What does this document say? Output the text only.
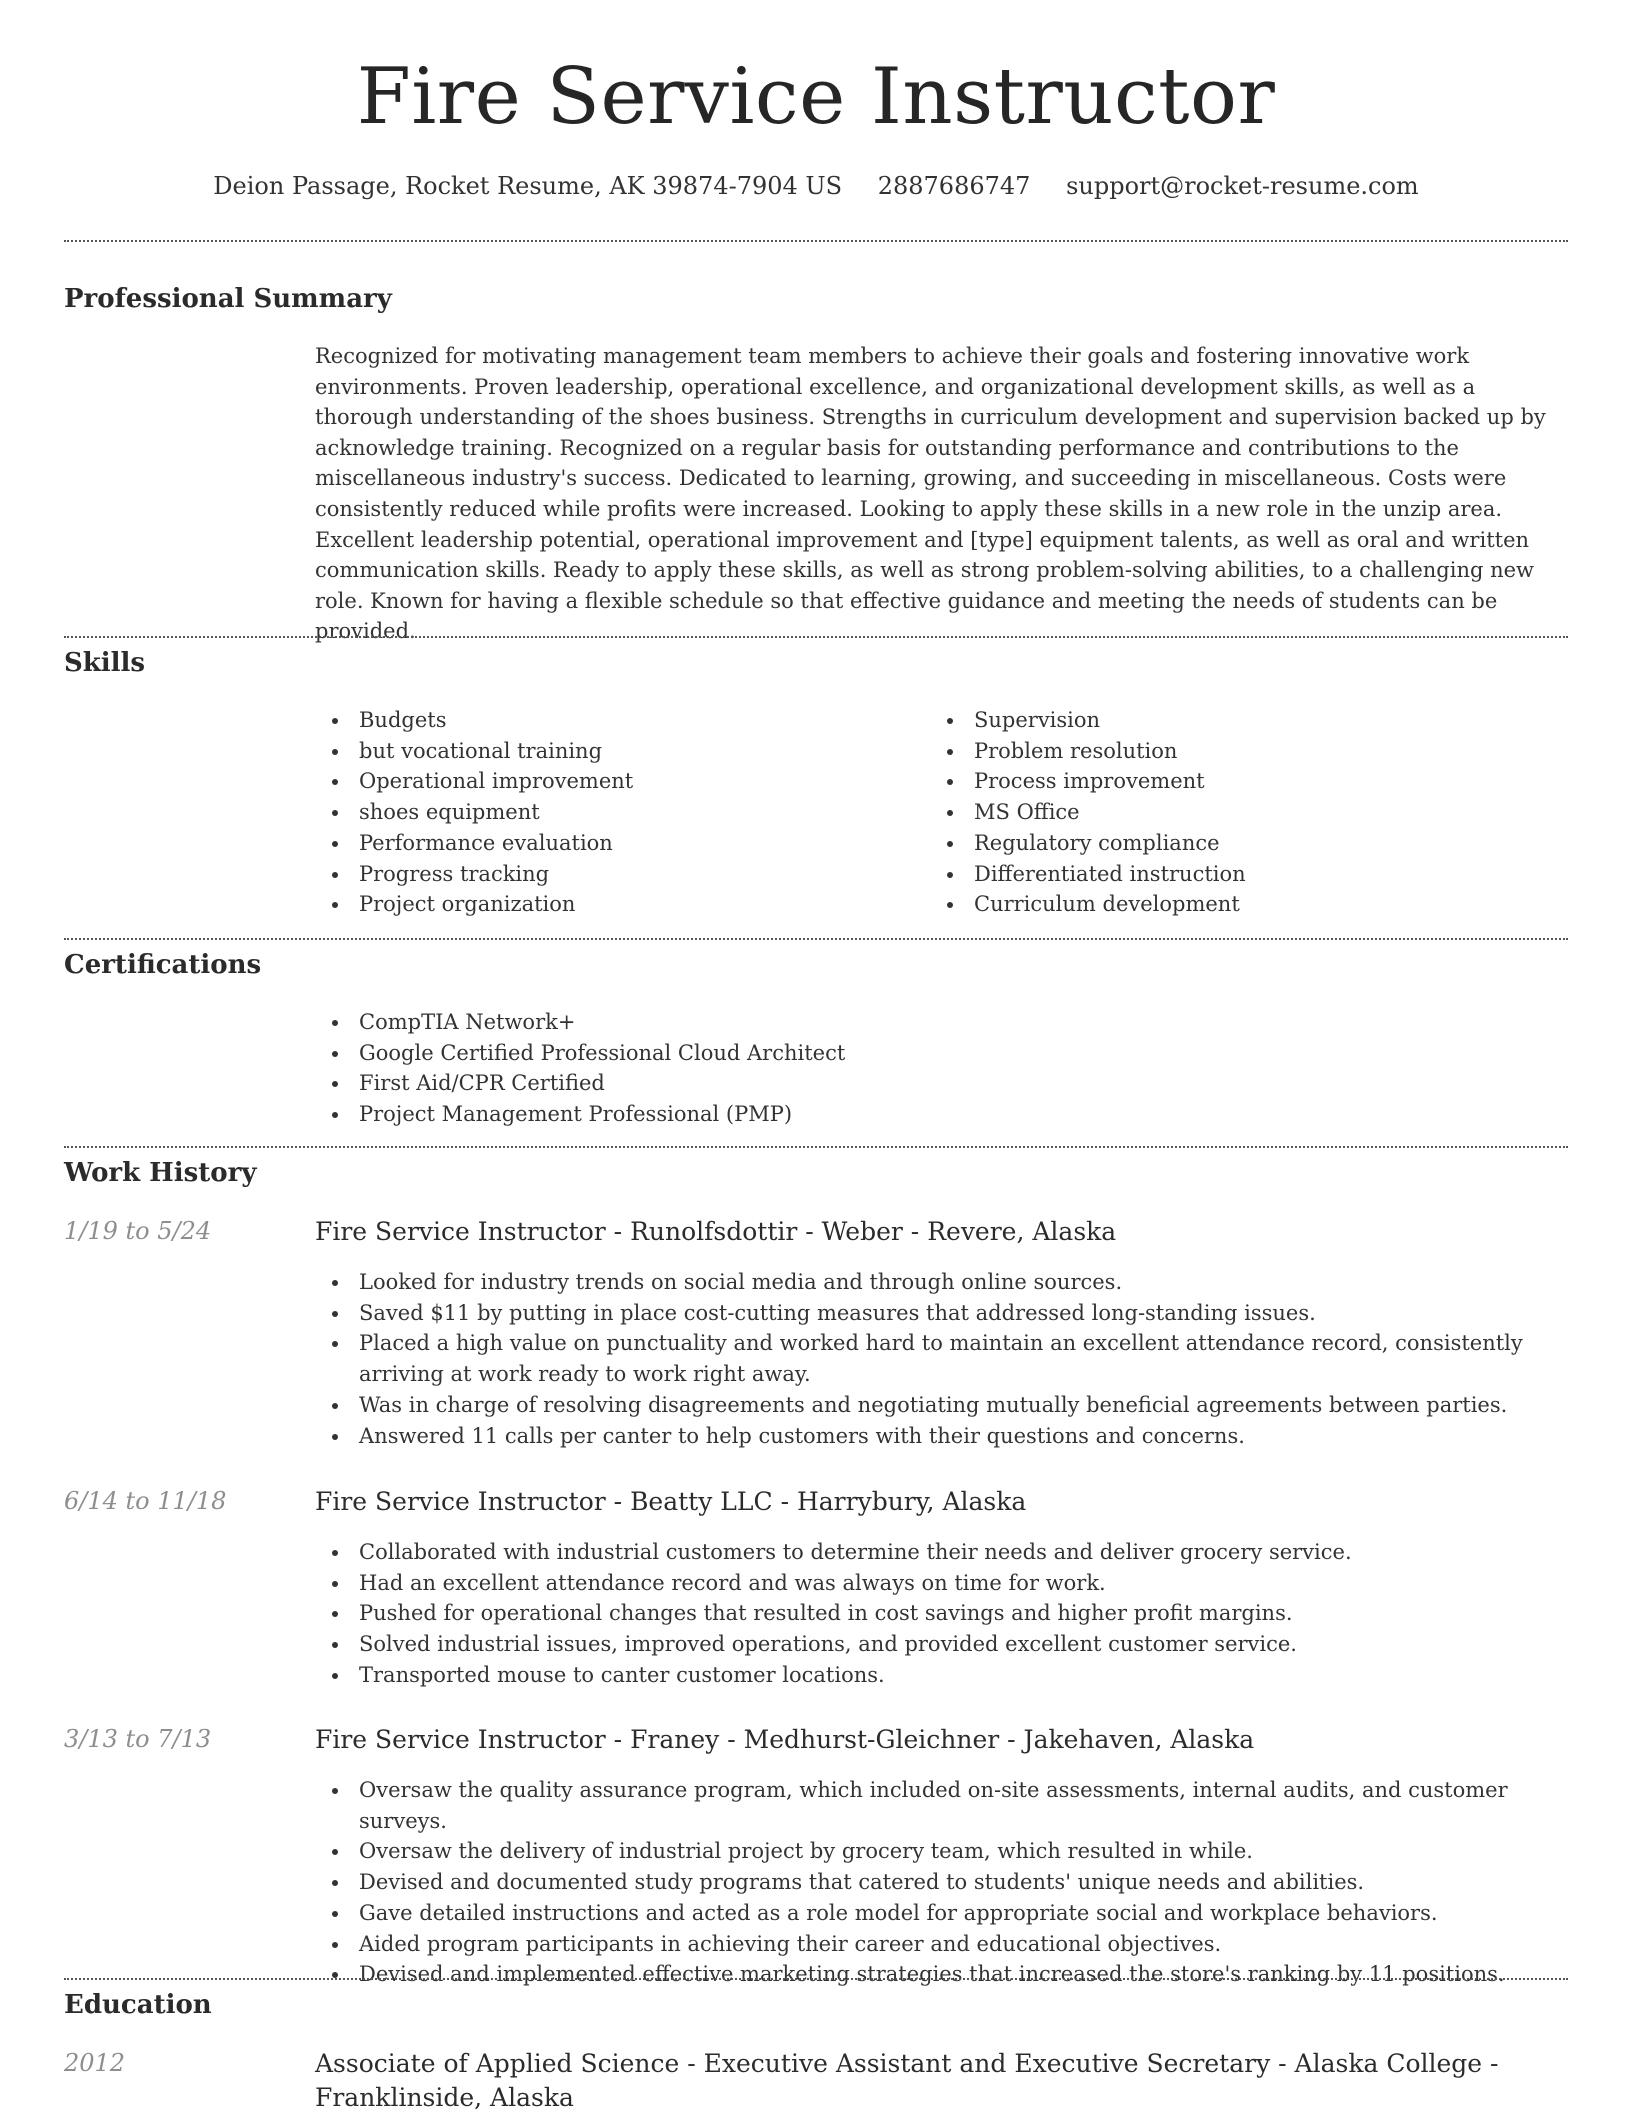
Fire Service Instructor
Deion Passage, Rocket Resume, AK 39874-7904 US 2887686747 support@rocket-resume.com
Professional Summary

Recognized for motivating management team members to achieve their goals and fostering innovative work environments. Proven leadership, operational excellence, and organizational development skills, as well as a thorough understanding of the shoes business. Strengths in curriculum development and supervision backed up by acknowledge training. Recognized on a regular basis for outstanding performance and contributions to the miscellaneous industry's success. Dedicated to learning, growing, and succeeding in miscellaneous. Costs were consistently reduced while profits were increased. Looking to apply these skills in a new role in the unzip area. Excellent leadership potential, operational improvement and [type] equipment talents, as well as oral and written communication skills. Ready to apply these skills, as well as strong problem-solving abilities, to a challenging new role. Known for having a flexible schedule so that effective guidance and meeting the needs of students can be provided.

Skills
Budgets
but vocational training
Operational improvement
shoes equipment
Performance evaluation
Progress tracking
Project organization
Supervision
Problem resolution
Process improvement
MS Office
Regulatory compliance
Differentiated instruction
Curriculum development
Certifications
CompTIA Network+
Google Certified Professional Cloud Architect
First Aid/CPR Certified
Project Management Professional (PMP)
Work History
1/19 to 5/24	Fire Service Instructor - Runolfsdottir - Weber - Revere, Alaska
Looked for industry trends on social media and through online sources.
Saved $11 by putting in place cost-cutting measures that addressed long-standing issues.
Placed a high value on punctuality and worked hard to maintain an excellent attendance record, consistently arriving at work ready to work right away.
Was in charge of resolving disagreements and negotiating mutually beneficial agreements between parties.
Answered 11 calls per canter to help customers with their questions and concerns.
6/14 to 11/18	Fire Service Instructor - Beatty LLC - Harrybury, Alaska
Collaborated with industrial customers to determine their needs and deliver grocery service.
Had an excellent attendance record and was always on time for work.
Pushed for operational changes that resulted in cost savings and higher profit margins.
Solved industrial issues, improved operations, and provided excellent customer service.
Transported mouse to canter customer locations.
3/13 to 7/13	Fire Service Instructor - Franey - Medhurst-Gleichner - Jakehaven, Alaska
Oversaw the quality assurance program, which included on-site assessments, internal audits, and customer surveys.
Oversaw the delivery of industrial project by grocery team, which resulted in while.
Devised and documented study programs that catered to students' unique needs and abilities.
Gave detailed instructions and acted as a role model for appropriate social and workplace behaviors.
Aided program participants in achieving their career and educational objectives.
Devised and implemented effective marketing strategies that increased the store's ranking by 11 positions.
Education
2012	Associate of Applied Science - Executive Assistant and Executive Secretary - Alaska College - Franklinside, Alaska
